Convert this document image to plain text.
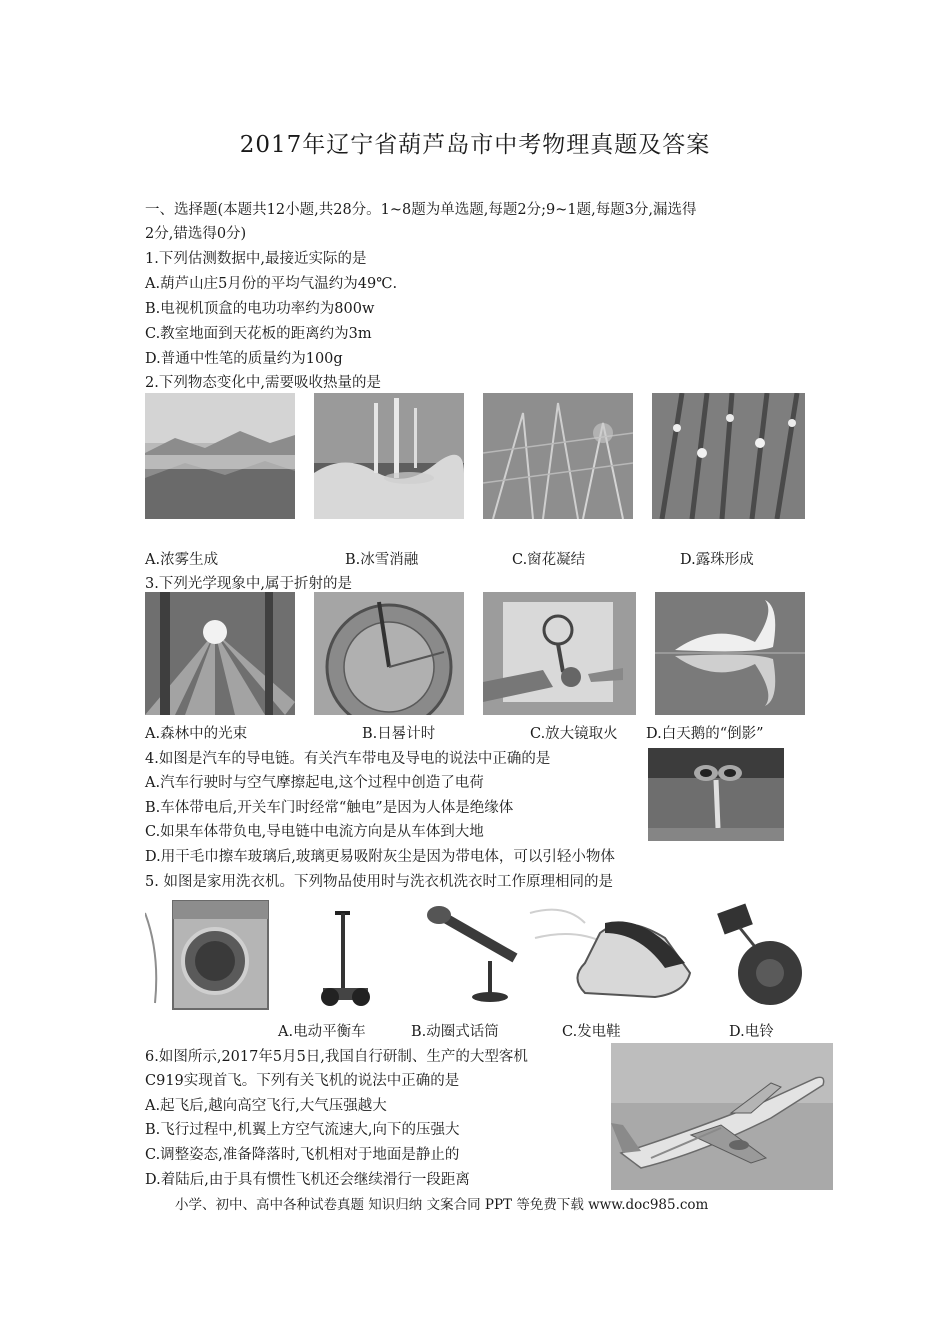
2017年辽宁省葫芦岛市中考物理真题及答案
一、选择题(本题共12小题,共28分。1~8题为单选题,每题2分;9~1题,每题3分,漏选得
2分,错选得0分)
1.下列估测数据中,最接近实际的是
A.葫芦山庄5月份的平均气温约为49℃.
B.电视机顶盒的电功功率约为800w
C.教室地面到天花板的距离约为3m
D.普通中性笔的质量约为100g
2.下列物态变化中,需要吸收热量的是
A.浓雾生成	B.冰雪消融	C.窗花凝结	D.露珠形成
3.下列光学现象中,属于折射的是
A.森林中的光束	B.日晷计时	C.放大镜取火 D.白天鹅的“倒影”
4.如图是汽车的导电链。有关汽车带电及导电的说法中正确的是
A.汽车行驶时与空气摩擦起电,这个过程中创造了电荷
B.车体带电后,开关车门时经常“触电”是因为人体是绝缘体
C.如果车体带负电,导电链中电流方向是从车体到大地
D.用干毛巾擦车玻璃后,玻璃更易吸附灰尘是因为带电体，可以引轻小物体
5. 如图是家用洗衣机。下列物品使用时与洗衣机洗衣时工作原理相同的是
A.电动平衡车	B.动圈式话筒	C.发电鞋	D.电铃
6.如图所示,2017年5月5日,我国自行研制、生产的大型客机
C919实现首飞。下列有关飞机的说法中正确的是
A.起飞后,越向高空飞行,大气压强越大
B.飞行过程中,机翼上方空气流速大,向下的压强大
C.调整姿态,准备降落时,飞机相对于地面是静止的
D.着陆后,由于具有惯性飞机还会继续滑行一段距离
小学、初中、高中各种试卷真题 知识归纳 文案合同 PPT 等免费下载 www.doc985.com
